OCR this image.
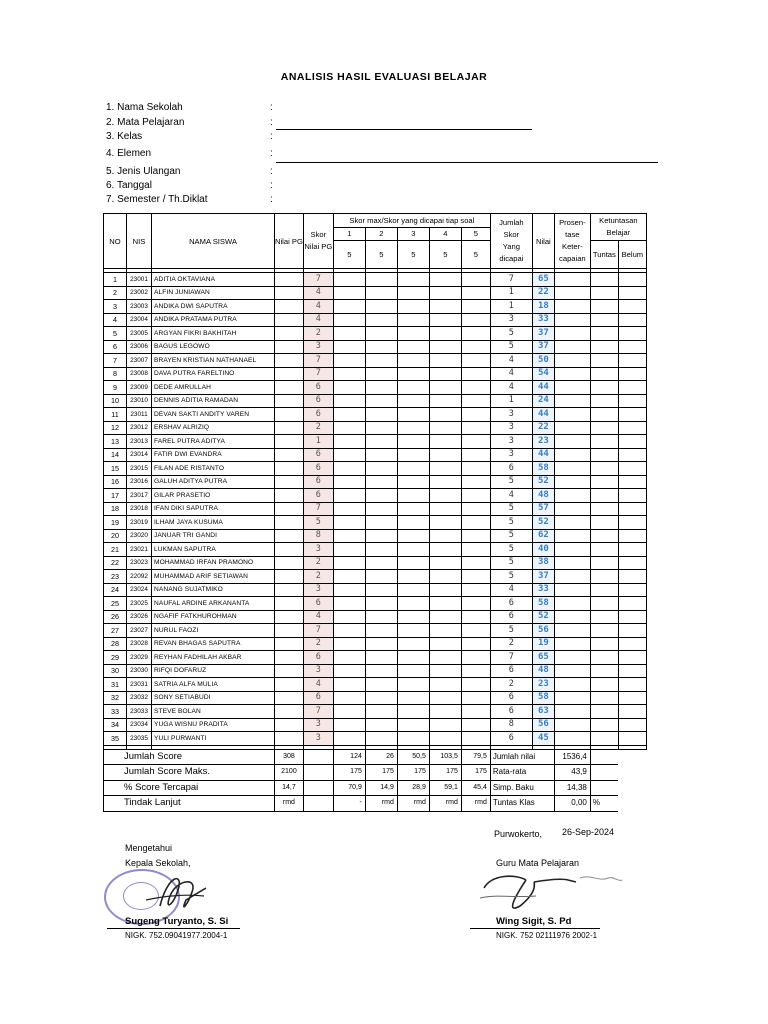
ANALISIS HASIL EVALUASI BELAJAR
1. Nama Sekolah	:
2. Mata Pelajaran	:
3. Kelas	:
4. Elemen	:
5. Jenis Ulangan	:
6. Tanggal	:
7. Semester / Th.Diklat	:
NO	NIS	NAMA SISWA	Nilai PG	Skor
Nilai PG	Skor max/Skor yang dicapai tiap soal					Jumlah
Skor
Yang
dicapai	Nilai	Prosen-
tase
Keter-
capaian	Ketuntasan Belajar	
					1	2	3	4	5					
					5	5	5	5	5				Tuntas	Belum

1	23001	ADITIA OKTAVIANA		7						7	65			
2	23002	ALFIN JUNIAWAN		4						1	22			
3	23003	ANDIKA DWI SAPUTRA		4						1	18			
4	23004	ANDIKA PRATAMA PUTRA		4						3	33			
5	23005	ARGYAN FIKRI BAKHITAH		2						5	37			
6	23006	BAGUS LEGOWO		3						5	37			
7	23007	BRAYEN KRISTIAN NATHANAEL		7						4	50			
8	23008	DAVA PUTRA FARELTINO		7						4	54			
9	23009	DEDE AMRULLAH		6						4	44			
10	23010	DENNIS ADITIA RAMADAN		6						1	24			
11	23011	DEVAN SAKTI ANDITY VAREN		6						3	44			
12	23012	ERSHAV ALRIZIQ		2						3	22			
13	23013	FAREL PUTRA ADITYA		1						3	23			
14	23014	FATIR DWI EVANDRA		6						3	44			
15	23015	FILAN ADE RISTANTO		6						6	58			
16	23016	GALUH ADITYA PUTRA		6						5	52			
17	23017	GILAR PRASETIO		6						4	48			
18	23018	IFAN DIKI SAPUTRA		7						5	57			
19	23019	ILHAM JAYA KUSUMA		5						5	52			
20	23020	JANUAR TRI GANDI		8						5	62			
21	23021	LUKMAN SAPUTRA		3						5	40			
22	23023	MOHAMMAD IRFAN PRAMONO		2						5	38			
23	22092	MUHAMMAD ARIF SETIAWAN		2						5	37			
24	23024	NANANG SUJATMIKO		3						4	33			
25	23025	NAUFAL ARDINE ARKANANTA		6						6	58			
26	23026	NGAFIF FATKHUROHMAN		4						6	52			
27	23027	NURUL FAOZI		7						5	56			
28	23028	REVAN BHAGAS SAPUTRA		2						2	19			
29	23029	REYHAN FADHILAH AKBAR		6						7	65			
30	23030	RIFQI DOFARUZ		3						6	48			
31	23031	SATRIA ALFA MULIA		4						2	23			
32	23032	SONY SETIABUDI		6						6	58			
33	23033	STEVE BOLAN		7						6	63			
34	23034	YUGA WISNU PRADITA		3						8	56			
35	23035	YULI PURWANTI		3						6	45			

Jumlah Score			308		124	26	50,5	103,5	79,5	Jumlah nilai		1536,4		
Jumlah Score Maks.			2100		175	175	175	175	175	Rata-rata		43,9		
% Score Tercapai			14,7		70,9	14,9	28,9	59,1	45,4	Simp. Baku		14,38		
Tindak Lanjut			rmd		-	rmd	rmd	rmd	rmd	Tuntas Klas		0,00	%	
Purwokerto, 26-Sep-2024
Mengetahui
Kepala Sekolah,	Guru Mata Pelajaran
Sugeng Turyanto, S. Si
NIGK. 752.09041977.2004-1
Wing Sigit, S. Pd
NIGK. 752 02111976 2002-1
